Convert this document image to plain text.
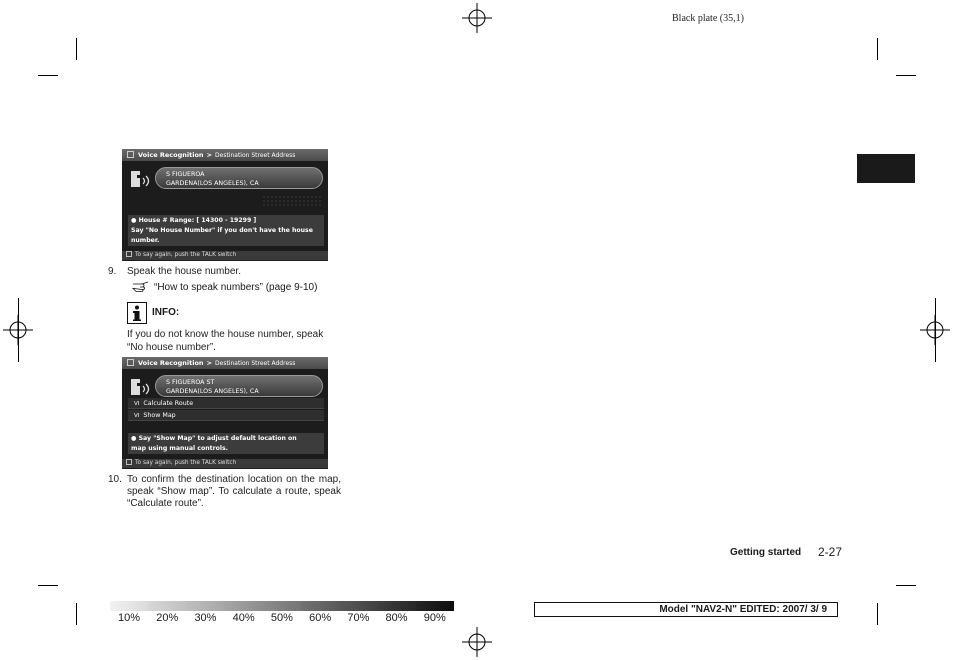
Black plate (35,1)
Voice Recognition > Destination Street Address
S FIGUEROA
GARDENA(LOS ANGELES), CA
● House # Range: [ 14300 - 19299 ]
Say "No House Number" if you don't have the house
number.
To say again, push the TALK switch
9. Speak the house number.
“How to speak numbers” (page 9-10)
INFO:
If you do not know the house number, speak “No house number”.
Voice Recognition > Destination Street Address
S FIGUEROA ST
GARDENA(LOS ANGELES), CA
VI Calculate Route
VI Show Map
● Say "Show Map" to adjust default location on
map using manual controls.
To say again, push the TALK switch
10. To confirm the destination location on the map, speak “Show map”. To calculate a route, speak “Calculate route”.
Getting started 2-27
10% 20% 30% 40% 50% 60% 70% 80% 90%
Model "NAV2-N" EDITED: 2007/ 3/ 9
